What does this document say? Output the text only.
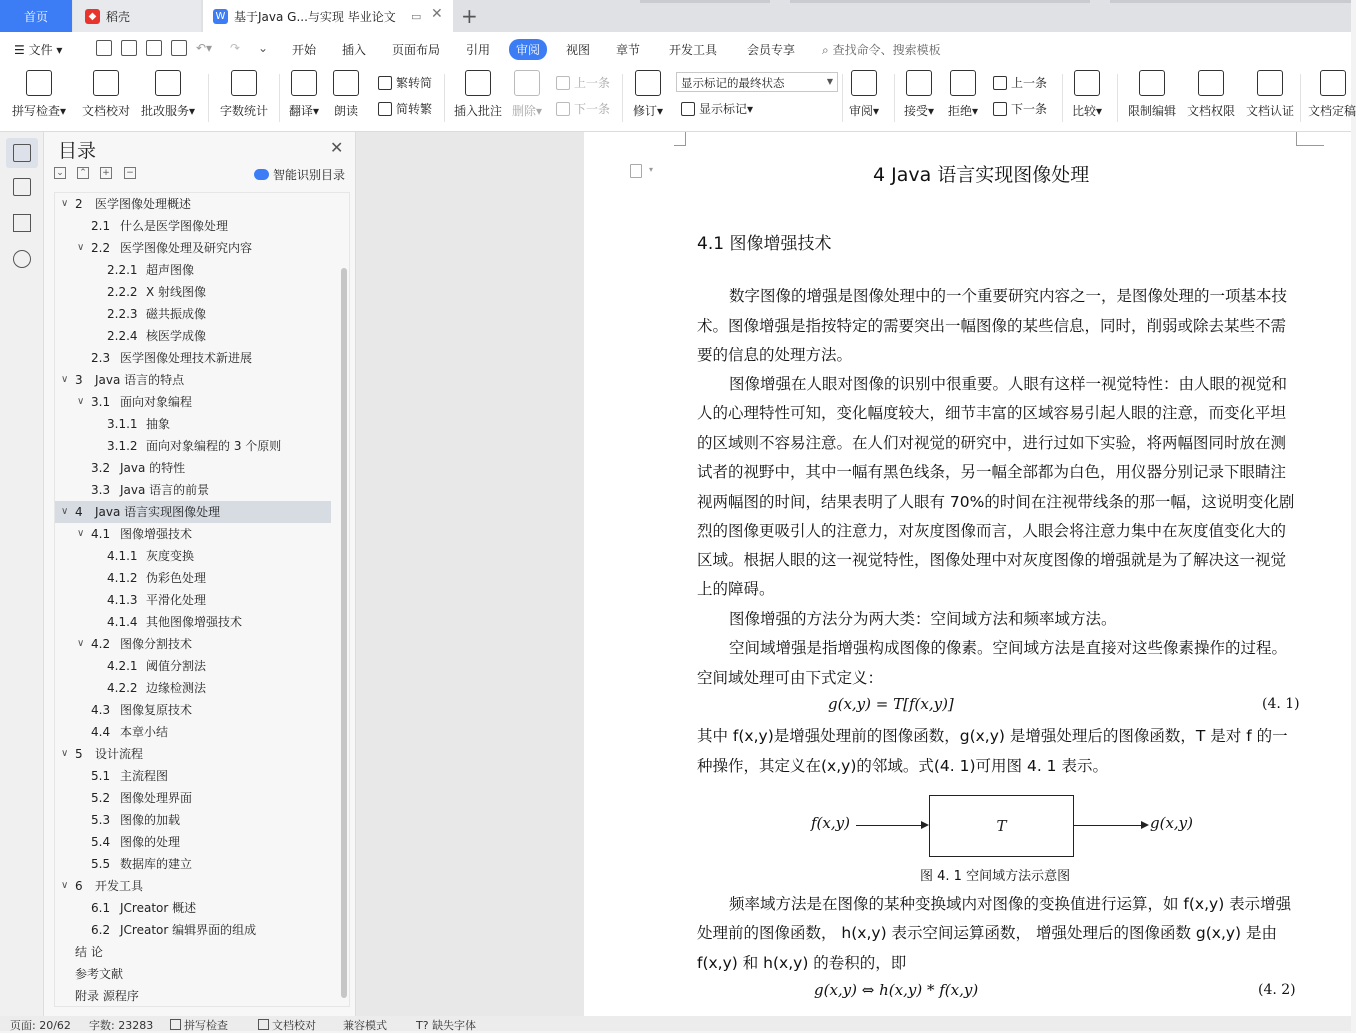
首页	◆ 稻壳	W 基于Java G...与实现 毕业论文 ▭ ✕ +
☰ 文件 ▾	↶▾ ↷ ⌄ 开始 插入 页面布局 引用	审阅	视图 章节 开发工具 会员专享 ⌕ 查找命令、搜索模板
拼写检查▾ 文档校对 批改服务▾ 字数统计 翻译▾ 朗读
繁转简
简转繁 插入批注 删除▾
上一条
下一条 修订▾
显示标记的最终状态	▼
显示标记 ▾	审阅▾ 接受▾ 拒绝▾
上一条
下一条 比较▾ 限制编辑 文档权限 文档认证 文档定稿
目录	✕
⌄ ⌃ + −	智能识别目录
∨ 2 医学图像处理概述
2.1 什么是医学图像处理
∨ 2.2 医学图像处理及研究内容
2.2.1 超声图像
2.2.2 X 射线图像
2.2.3 磁共振成像
2.2.4 核医学成像
2.3 医学图像处理技术新进展
∨ 3 Java 语言的特点
∨ 3.1 面向对象编程
3.1.1 抽象
3.1.2 面向对象编程的 3 个原则
3.2 Java 的特性
3.3 Java 语言的前景
∨ 4 Java 语言实现图像处理
∨ 4.1 图像增强技术
4.1.1 灰度变换
4.1.2 伪彩色处理
4.1.3 平滑化处理
4.1.4 其他图像增强技术
∨ 4.2 图像分割技术
4.2.1 阈值分割法
4.2.2 边缘检测法
4.3 图像复原技术
4.4 本章小结
∨ 5 设计流程
5.1 主流程图
5.2 图像处理界面
5.3 图像的加载
5.4 图像的处理
5.5 数据库的建立
∨ 6 开发工具
6.1 JCreator 概述
6.2 JCreator 编辑界面的组成
结 论
参考文献
附录 源程序
▾	4 Java 语言实现图像处理
4.1 图像增强技术
数字图像的增强是图像处理中的一个重要研究内容之一，是图像处理的一项基本技
术。图像增强是指按特定的需要突出一幅图像的某些信息，同时，削弱或除去某些不需
要的信息的处理方法。
图像增强在人眼对图像的识别中很重要。人眼有这样一视觉特性：由人眼的视觉和
人的心理特性可知，变化幅度较大，细节丰富的区域容易引起人眼的注意，而变化平坦
的区域则不容易注意。在人们对视觉的研究中，进行过如下实验，将两幅图同时放在测
试者的视野中，其中一幅有黑色线条，另一幅全部都为白色，用仪器分别记录下眼睛注
视两幅图的时间，结果表明了人眼有 70%的时间在注视带线条的那一幅，这说明变化剧
烈的图像更吸引人的注意力，对灰度图像而言，人眼会将注意力集中在灰度值变化大的
区域。根据人眼的这一视觉特性，图像处理中对灰度图像的增强就是为了解决这一视觉
上的障碍。
图像增强的方法分为两大类：空间域方法和频率域方法。
空间域增强是指增强构成图像的像素。空间域方法是直接对这些像素操作的过程。
空间域处理可由下式定义：
g(x,y) = T[f(x,y)]	(4. 1)
其中 f(x,y)是增强处理前的图像函数，g(x,y) 是增强处理后的图像函数，T 是对 f 的一
种操作，其定义在(x,y)的邻域。式(4. 1)可用图 4. 1 表示。
f(x,y)	T	g(x,y)
图 4. 1 空间域方法示意图
频率域方法是在图像的某种变换域内对图像的变换值进行运算，如 f(x,y) 表示增强
处理前的图像函数， h(x,y) 表示空间运算函数， 增强处理后的图像函数 g(x,y) 是由
f(x,y) 和 h(x,y) 的卷积的，即
g(x,y) ⇔ h(x,y) * f(x,y)	(4. 2)
页面: 20/62 字数: 23283	拼写检查	文档校对 兼容模式	T? 缺失字体
